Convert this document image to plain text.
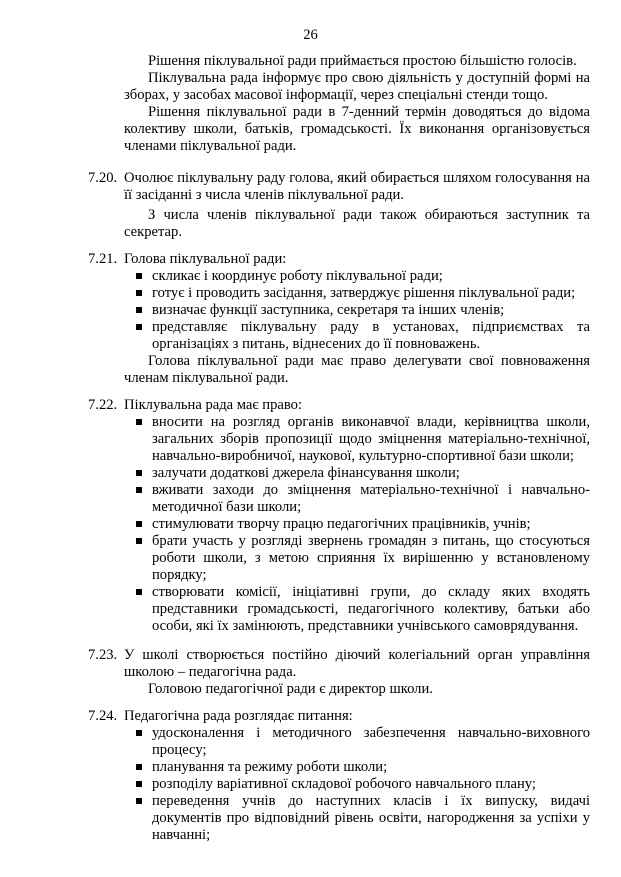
26

Рішення піклувальної ради приймається простою більшістю голосів.

Піклувальна рада інформує про свою діяльність у доступній формі на зборах, у засобах масової інформації, через спеціальні стенди тощо.

Рішення піклувальної ради в 7-денний термін доводяться до відома колективу школи, батьків, громадськості. Їх виконання організовується членами піклувальної ради.

7.20. Очолює піклувальну раду голова, який обирається шляхом голосування на її засіданні з числа членів піклувальної ради.

З числа членів піклувальної ради також обираються заступник та секретар.

7.21. Голова піклувальної ради:

скликає і координує роботу піклувальної ради;
готує і проводить засідання, затверджує рішення піклувальної ради;
визначає функції заступника, секретаря та інших членів;
представляє піклувальну раду в установах, підприємствах та організаціях з питань, віднесених до її повноважень.

Голова піклувальної ради має право делегувати свої повноваження членам піклувальної ради.

7.22. Піклувальна рада має право:

вносити на розгляд органів виконавчої влади, керівництва школи, загальних зборів пропозиції щодо зміцнення матеріально-технічної, навчально-виробничої, наукової, культурно-спортивної бази школи;
залучати додаткові джерела фінансування школи;
вживати заходи до зміцнення матеріально-технічної і навчально-методичної бази школи;
стимулювати творчу працю педагогічних працівників, учнів;
брати участь у розгляді звернень громадян з питань, що стосуються роботи школи, з метою сприяння їх вирішенню у встановленому порядку;
створювати комісії, ініціативні групи, до складу яких входять представники громадськості, педагогічного колективу, батьки або особи, які їх замінюють, представники учнівського самоврядування.
7.23. У школі створюється постійно діючий колегіальний орган управління школою – педагогічна рада.

Головою педагогічної ради є директор школи.

7.24. Педагогічна рада розглядає питання:

удосконалення і методичного забезпечення навчально-виховного процесу;
планування та режиму роботи школи;
розподілу варіативної складової робочого навчального плану;
переведення учнів до наступних класів і їх випуску, видачі документів про відповідний рівень освіти, нагородження за успіхи у навчанні;
